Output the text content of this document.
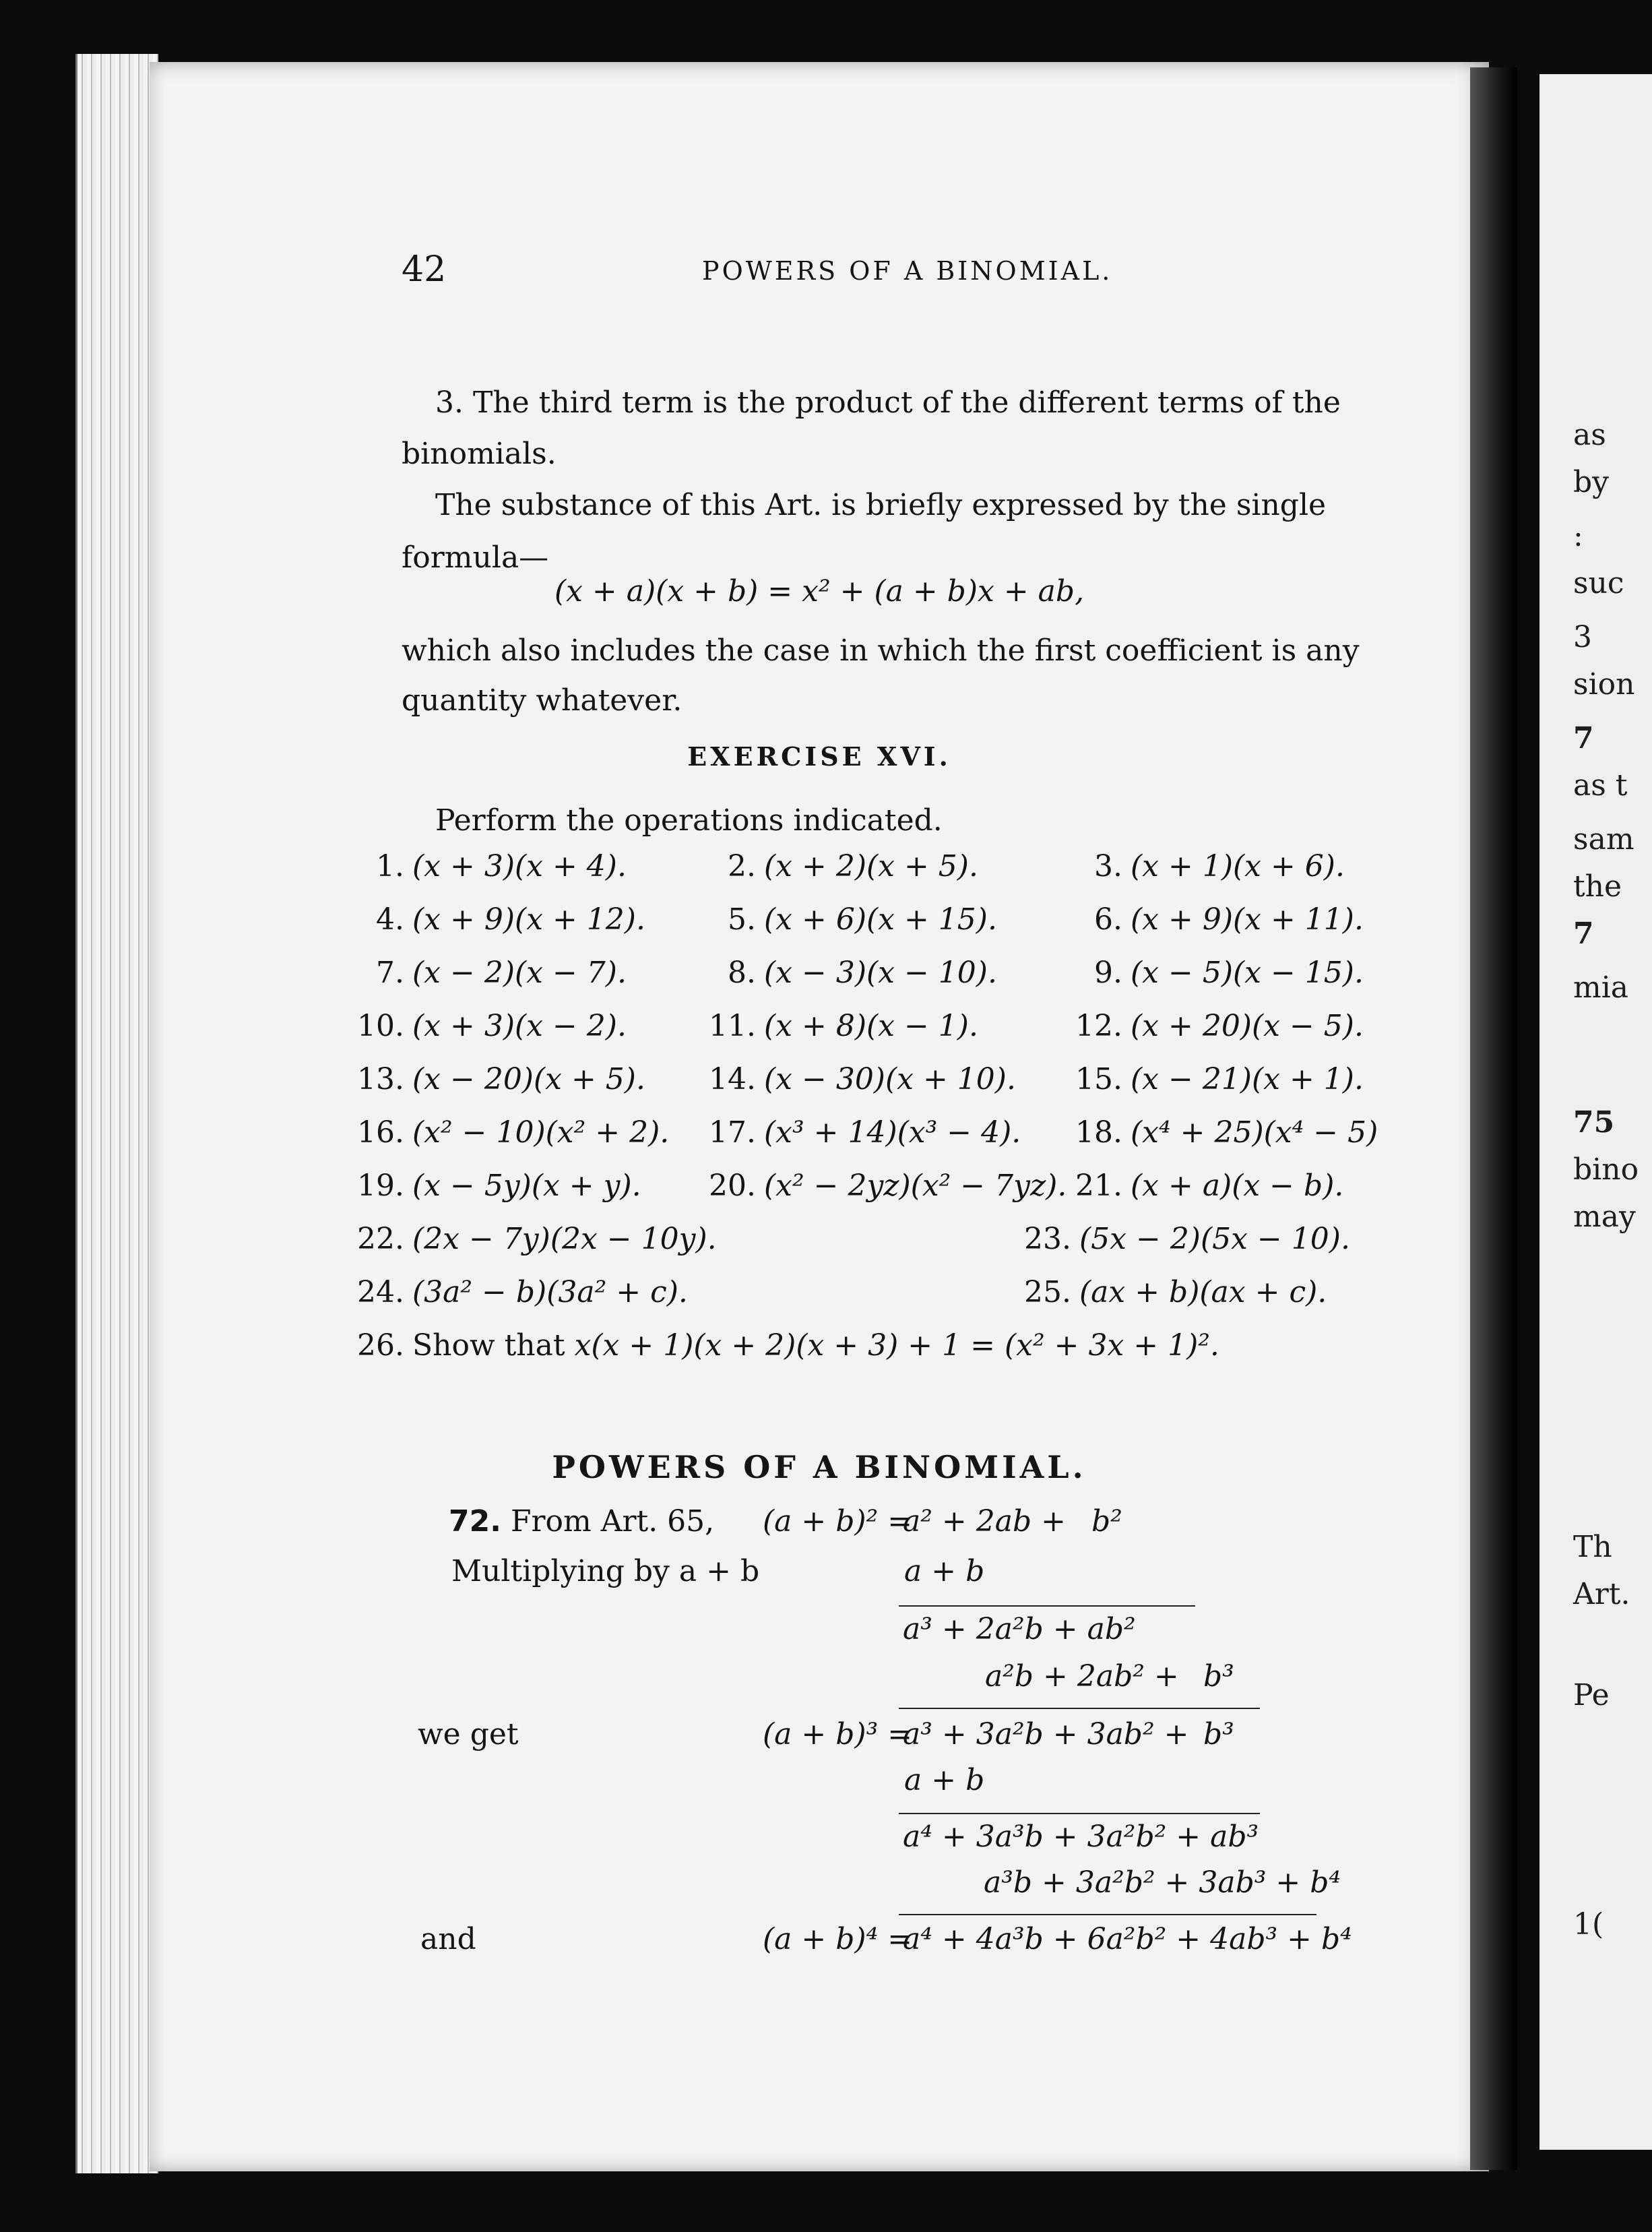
42	POWERS OF A BINOMIAL.
3. The third term is the product of the different terms of the
binomials.
The substance of this Art. is briefly expressed by the single
formula—
(x + a)(x + b) = x² + (a + b)x + ab,
which also includes the case in which the first coefficient is any
quantity whatever.
EXERCISE XVI.
Perform the operations indicated.
1. (x + 3)(x + 4).	2. (x + 2)(x + 5).	3. (x + 1)(x + 6).
4. (x + 9)(x + 12).	5. (x + 6)(x + 15).	6. (x + 9)(x + 11).
7. (x − 2)(x − 7).	8. (x − 3)(x − 10).	9. (x − 5)(x − 15).
10. (x + 3)(x − 2).	11. (x + 8)(x − 1).	12. (x + 20)(x − 5).
13. (x − 20)(x + 5). 14. (x − 30)(x + 10). 15. (x − 21)(x + 1).
16. (x² − 10)(x² + 2). 17. (x³ + 14)(x³ − 4). 18. (x⁴ + 25)(x⁴ − 5)
19. (x − 5y)(x + y). 20. (x² − 2yz)(x² − 7yz). 21. (x + a)(x − b).
22. (2x − 7y)(2x − 10y).	23. (5x − 2)(5x − 10).
24. (3a² − b)(3a² + c).	25. (ax + b)(ax + c).
26. Show that x(x + 1)(x + 2)(x + 3) + 1 = (x² + 3x + 1)².
POWERS OF A BINOMIAL.
72. From Art. 65, (a + b)² =
a² + 2ab + b²
Multiplying by a + b	a + b
a³ + 2a²b + ab²
a²b + 2ab² + b³
we get	(a + b)³ =
a³ + 3a²b + 3ab² + b³
a + b
a⁴ + 3a³b + 3a²b² + ab³
a³b + 3a²b² + 3ab³ + b⁴
and	(a + b)⁴ =
a⁴ + 4a³b + 6a²b² + 4ab³ + b⁴
as
by
:
suc
3
sion
7
as t
sam
the
7
mia
75
bino
may
Th
Art.
Pe
1(
